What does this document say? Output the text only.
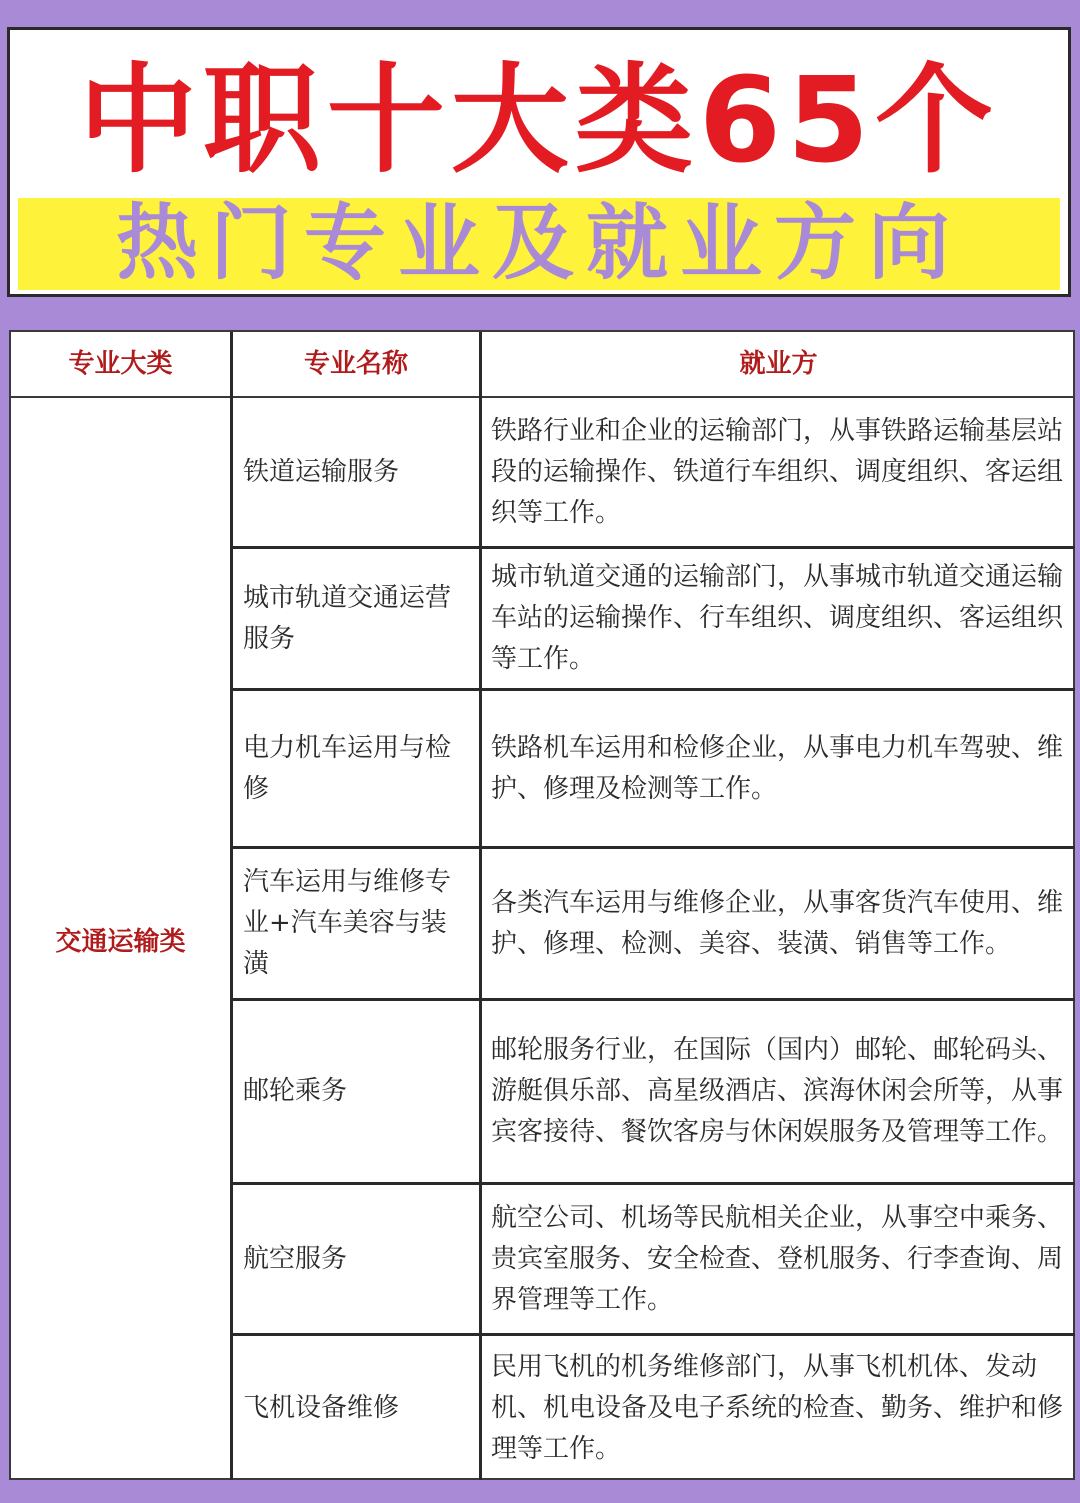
中职十大类65个
热门专业及就业方向
专业大类	专业名称	就业方
交通运输类
铁道运输服务
铁路行业和企业的运输部门，从事铁路运输基层站段的运输操作、铁道行车组织、调度组织、客运组织等工作。
城市轨道交通运营服务
城市轨道交通的运输部门，从事城市轨道交通运输车站的运输操作、行车组织、调度组织、客运组织等工作。
电力机车运用与检修
铁路机车运用和检修企业，从事电力机车驾驶、维护、修理及检测等工作。
汽车运用与维修专业+汽车美容与装潢
各类汽车运用与维修企业，从事客货汽车使用、维护、修理、检测、美容、装潢、销售等工作。
邮轮乘务
邮轮服务行业，在国际（国内）邮轮、邮轮码头、游艇俱乐部、高星级酒店、滨海休闲会所等，从事宾客接待、餐饮客房与休闲娱服务及管理等工作。
航空服务
航空公司、机场等民航相关企业，从事空中乘务、贵宾室服务、安全检查、登机服务、行李查询、周界管理等工作。
飞机设备维修
民用飞机的机务维修部门，从事飞机机体、发动机、机电设备及电子系统的检查、勤务、维护和修理等工作。
